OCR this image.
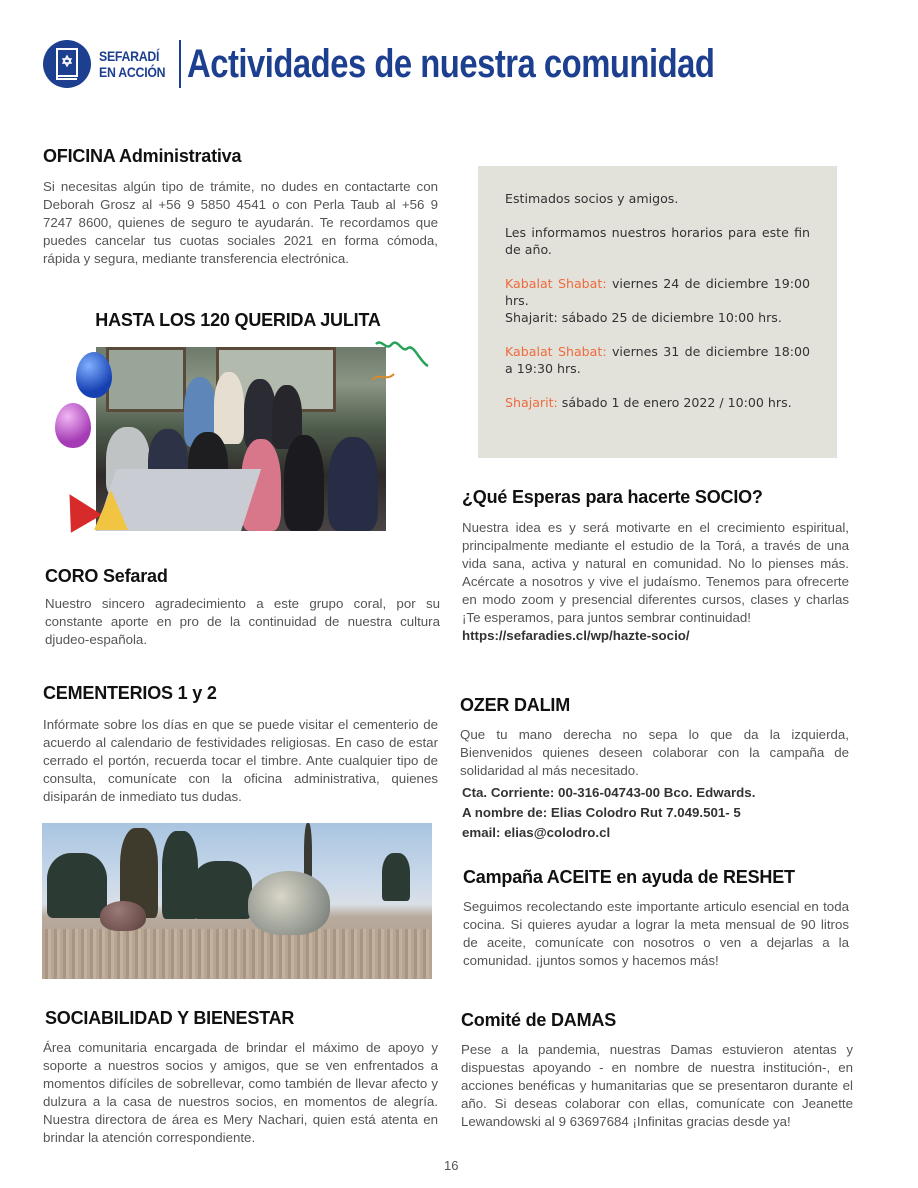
SEFARADÍ
EN ACCIÓN Actividades de nuestra comunidad
OFICINA Administrativa
Si necesitas algún tipo de trámite, no dudes en contactarte con Deborah Grosz al +56 9 5850 4541 o con Perla Taub al +56 9 7247 8600, quienes de seguro te ayudarán. Te recordamos que puedes cancelar tus cuotas sociales 2021 en forma cómoda, rápida y segura, mediante transferencia electrónica.
HASTA LOS 120 QUERIDA JULITA
CORO Sefarad
Nuestro sincero agradecimiento a este grupo coral, por su constante aporte en pro de la continuidad de nuestra cultura djudeo-española.
CEMENTERIOS 1 y 2
Infórmate sobre los días en que se puede visitar el cementerio de acuerdo al calendario de festividades religiosas. En caso de estar cerrado el portón, recuerda tocar el timbre. Ante cualquier tipo de consulta, comunícate con la oficina administrativa, quienes disiparán de inmediato tus dudas.
SOCIABILIDAD Y BIENESTAR
Área comunitaria encargada de brindar el máximo de apoyo y soporte a nuestros socios y amigos, que se ven enfrentados a momentos difíciles de sobrellevar, como también de llevar afecto y dulzura a la casa de nuestros socios, en momentos de alegría. Nuestra directora de área es Mery Nachari, quien está atenta en brindar la atención correspondiente.

Estimados socios y amigos.

Les informamos nuestros horarios para este fin de año.

Kabalat Shabat: viernes 24 de diciembre 19:00 hrs.
Shajarit: sábado 25 de diciembre 10:00 hrs.

Kabalat Shabat: viernes 31 de diciembre 18:00 a 19:30 hrs.

Shajarit: sábado 1 de enero 2022 / 10:00 hrs.

¿Qué Esperas para hacerte SOCIO?
Nuestra idea es y será motivarte en el crecimiento espiritual, principalmente mediante el estudio de la Torá, a través de una vida sana, activa y natural en comunidad. No lo pienses más. Acércate a nosotros y vive el judaísmo. Tenemos para ofrecerte en modo zoom y presencial diferentes cursos, clases y charlas ¡Te esperamos, para juntos sembrar continuidad!
https://sefaradies.cl/wp/hazte-socio/
OZER DALIM
Que tu mano derecha no sepa lo que da la izquierda, Bienvenidos quienes deseen colaborar con la campaña de solidaridad al más necesitado.
Cta. Corriente: 00-316-04743-00 Bco. Edwards.
A nombre de: Elias Colodro Rut 7.049.501- 5
email: elias@colodro.cl
Campaña ACEITE en ayuda de RESHET
Seguimos recolectando este importante articulo esencial en toda cocina. Si quieres ayudar a lograr la meta mensual de 90 litros de aceite, comunícate con nosotros o ven a dejarlas a la comunidad. ¡juntos somos y hacemos más!
Comité de DAMAS
Pese a la pandemia, nuestras Damas estuvieron atentas y dispuestas apoyando - en nombre de nuestra institución-, en acciones benéficas y humanitarias que se presentaron durante el año. Si deseas colaborar con ellas, comunícate con Jeanette Lewandowski al 9 63697684 ¡Infinitas gracias desde ya!
16
